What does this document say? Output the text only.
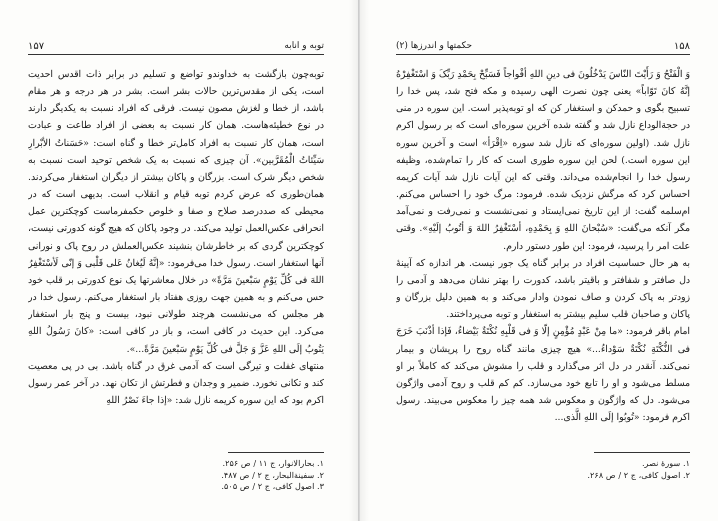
توبه و انابه
۱۵۷

توبه‌چون بازگشت به خداوندو تواضع و تسلیم در برابر ذات اقدس احدیت است، یکی از مقدس‌ترین حالات بشر است. بشر در هر درجه و هر مقام باشد، از خطا و لغزش مصون نیست. فرقی که افراد نسبت به یکدیگر دارند در نوع خطیئه‌هاست. همان کار نسبت به بعضی از افراد طاعت و عبادت است، همان کار نسبت به افراد کامل‌تر خطا و گناه است: «حَسَناتُ الأبْرارِ سَیِّئاتُ الْمُقَرَّبین». آن چیزی که نسبت به یک شخص توحید است نسبت به شخص دیگر شرک است. بزرگان و پاکان بیشتر از دیگران استغفار می‌کردند. همان‌طوری که عرض کردم توبه قیام و انقلاب است. بدیهی است که در محیطی که صددرصد صلاح و صفا و خلوص حکمفرماست کوچکترین عمل انحرافی عکس‌العمل تولید می‌کند. در وجود پاکان که هیچ گونه کدورتی نیست، کوچکترین گردی که بر خاطرشان بنشیند عکس‌العملش در روح پاک و نورانی آنها استغفار است. رسول خدا می‌فرمود: «إنَّهُ لَیُغانُ عَلی قَلْبی وَ إنّی لَأسْتَغْفِرُ اللهَ فی کُلِّ یَوْمٍ سَبْعینَ مَرَّةً» در خلال معاشرتها یک نوع کدورتی بر قلب خود حس می‌کنم و به همین جهت روزی هفتاد بار استغفار می‌کنم. رسول خدا در هر مجلس که می‌نشست هرچند طولانی نبود، بیست و پنج بار استغفار می‌کرد. این حدیث در کافی است، و باز در کافی است: «کانَ رَسُولُ اللهِ یَتُوبُ إلَی اللهِ عَزَّ وَ جَلَّ فی کُلِّ یَوْمٍ سَبْعینَ مَرَّةً...».

منتهای غفلت و تیرگی است که آدمی غرق در گناه باشد. بی در پی معصیت کند و تکانی نخورد. ضمیر و وجدان و فطرتش از تکان نهد. در آخر عمر رسول اکرم بود که این سوره کریمه نازل شد: «إذا جاءَ نَصْرُ اللهِ

۱. بحارالانوار، ج ۱۱ / ص ۲۵۶.
۲. سفینةالبحار، ج ۲ / ص ۴۸۷.
۳. اصول کافی، ج ۲ / ص ۵۰۵.
۱۵۸
حکمتها و اندرزها (۲)

وَ الْفَتْحُ وَ رَأَیْتَ النّاسَ یَدْخُلُونَ فی دینِ اللهِ أفْواجاً فَسَبِّحْ بِحَمْدِ رَبِّکَ وَ اسْتَغْفِرْهُ إنَّهُ کانَ تَوّاباً» یعنی چون نصرت الهی رسیده و مکه فتح شد، پس خدا را تسبیح بگوی و حمدکن و استغفار کن که او توبه‌پذیر است. این سوره در منی در حجةالوداع نازل شد و گفته شده آخرین سوره‌ای است که بر رسول اکرم نازل شد. (اولین سوره‌ای که نازل شد سوره «اِقْرَأ» است و آخرین سوره این سوره است.) لحن این سوره طوری است که کار را تمام‌شده، وظیفه رسول خدا را انجام‌شده می‌داند. وقتی که این آیات نازل شد آیات کریمه احساس کرد که مرگش نزدیک شده. فرمود: مرگ خود را احساس می‌کنم. ام‌سلمه گفت: از این تاریخ نمی‌ایستاد و نمی‌نشست و نمی‌رفت و نمی‌آمد مگر آنکه می‌گفت: «سُبْحانَ اللهِ وَ بِحَمْدِهِ، أسْتَغْفِرُ اللهَ وَ أتُوبُ إلَیْهِ». وقتی علت امر را پرسید، فرمود: این طور دستور دارم.

به هر حال حساسیت افراد در برابر گناه یک جور نیست. هر اندازه که آیینهٔ دل صافتر و شفافتر و باقیتر باشد، کدورت را بهتر نشان می‌دهد و آدمی را زودتر به پاک کردن و صاف نمودن وادار می‌کند و به همین دلیل بزرگان و پاکان و صاحبان قلب سلیم بیشتر به استغفار و توبه می‌پرداختند.

امام باقر فرمود: «ما مِنْ عَبْدٍ مُؤْمِنٍ إلّا وَ فی قَلْبِهِ نُکْتَةٌ بَیْضاءُ، فَإذا أذْنَبَ خَرَجَ فی النُّکْتَةِ نُکْتَةٌ سَوْداءُ...» هیچ چیزی مانند گناه روح را پریشان و بیمار نمی‌کند. آنقدر در دل اثر می‌گذارد و قلب را مشوش می‌کند که کاملاً بر او مسلط می‌شود و او را تابع خود می‌سازد. کم کم قلب و روح آدمی واژگون می‌شود. دل که واژگون و معکوس شد همه چیز را معکوس می‌بیند. رسول اکرم فرمود: «تُوبُوا إلَی اللهِ الَّذی...

۱. سورهٔ نصر.
۲. اصول کافی، ج ۲ / ص ۲۶۸.
